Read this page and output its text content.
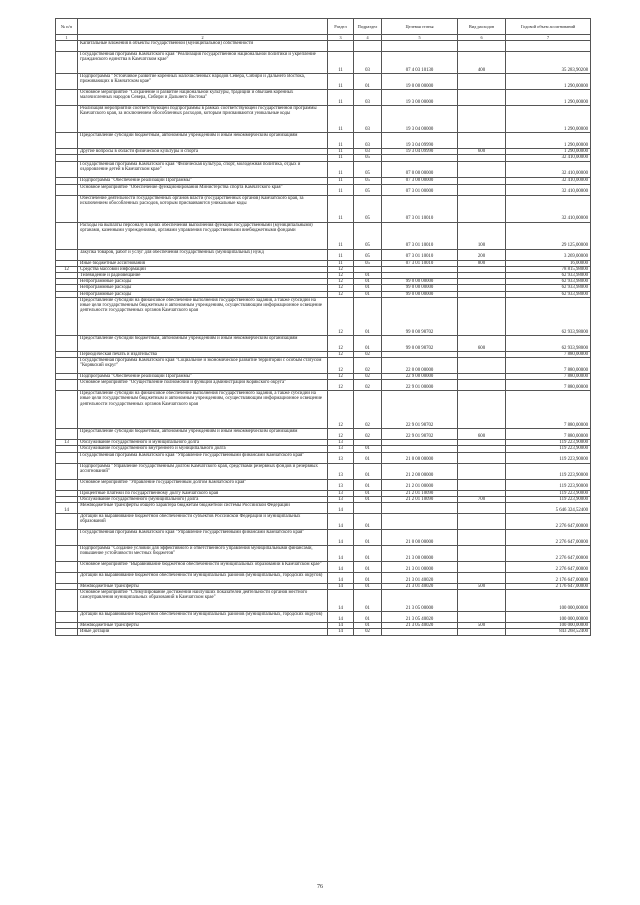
№ п/п		Раздел	Подраздел	Целевая статья	Вид расходов	Годовой объем ассигнований
1	2	3	4	5	6	7
	Капитальные вложения в объекты государственной (муниципальной) собственности					
	Государственная программа Камчатского края "Реализация государственной национальной политики и укрепление гражданского единства в Камчатском крае"	11	03	07 4 03 10130	400	35 283,90208
	Подпрограмма "Устойчивое развитие коренных малочисленных народов Севера, Сибири и Дальнего Востока, проживающих в Камчатском крае"	11	01	19 0 00 00000		1 290,00000
	Основное мероприятие "Сохранение и развитие национальной культуры, традиций и обычаев коренных малочисленных народов Севера, Сибири и Дальнего Востока"	11	03	19 3 00 00000		1 290,00000
	Реализация мероприятий соответствующей подпрограммы в рамках соответствующей государственной программы Камчатского края, за исключением обособленных расходов, которым присваиваются уникальные коды	11	03	19 3 04 00000		1 290,00000
	Предоставление субсидий бюджетным, автономным учреждениям и иным некоммерческим организациям	11	03	19 3 04 09990		1 290,00000
	Другие вопросы в области физической культуры и спорта	11	03	19 3 04 09990	600	1 290,00000
		11	05			32 410,00000
	Государственная программа Камчатского края "Физическая культура, спорт, молодежная политика, отдых и оздоровление детей в Камчатском крае"	11	05	07 0 00 00000		32 410,00000
	Подпрограмма "Обеспечение реализации Программы"	11	05	07 3 00 00000		32 410,00000
	Основное мероприятие "Обеспечение функционирования Министерства спорта Камчатского края"	11	05	07 3 01 00000		32 410,00000
	Обеспечение деятельности государственных органов власти (государственных органов) Камчатского края, за исключением обособленных расходов, которым присваиваются уникальные коды	11	05	07 3 01 10010		32 410,00000
	Расходы на выплаты персоналу в целях обеспечения выполнения функций государственными (муниципальными) органами, казенными учреждениями, органами управления государственными внебюджетными фондами	11	05	07 3 01 10010	100	29 125,00000
	Закупка товаров, работ и услуг для обеспечения государственных (муниципальных) нужд	11	05	07 3 01 10010	200	3 269,00000
	Иные бюджетные ассигнования	11	05	07 3 01 10010	800	16,00000
12	Средства массовой информации	12				78 815,98000
	Телевидение и радиовещание	12	01			62 933,98000
	Непрограммные расходы	12	01	99 0 00 00000		62 933,98000
	Непрограммные расходы	12	01	99 0 00 00000		62 933,98000
	Непрограммные расходы	12	01	99 0 00 00000		62 933,98000
	Предоставление субсидий на финансовое обеспечение выполнения государственного задания, а также субсидий на иные цели государственным бюджетным и автономным учреждениям, осуществляющим информационное освещение деятельности государственных органов Камчатского края	12	01	99 0 00 98702		62 933,98000
	Предоставление субсидий бюджетным, автономным учреждениям и иным некоммерческим организациям	12	01	99 0 00 98702	600	62 933,98000
	Периодическая печать и издательства	12	02			7 880,00000
	Государственная программа Камчатского края "Социальное и экономическое развитие территории с особым статусом "Корякский округ"	12	02	22 0 00 00000		7 880,00000
	Подпрограмма "Обеспечение реализации Программы"	12	02	22 9 00 00000		7 880,00000
	Основное мероприятие "Осуществление полномочий и функций администрации Корякского округа"	12	02	22 9 01 00000		7 880,00000
	Предоставление субсидий на финансовое обеспечение выполнения государственного задания, а также субсидий на иные цели государственным бюджетным и автономным учреждениям, осуществляющим информационное освещение деятельности государственных органов Камчатского края	12	02	22 9 01 98702		7 880,00000
	Предоставление субсидий бюджетным, автономным учреждениям и иным некоммерческим организациям	12	02	22 9 01 98702	600	7 880,00000
13	Обслуживание государственного и муниципального долга	13				119 223,90000
	Обслуживание государственного внутреннего и муниципального долга	13	01			119 223,90000
	Государственная программа Камчатского края "Управление государственными финансами Камчатского края"	13	01	21 0 00 00000		119 223,90000
	Подпрограмма "Управление государственным долгом Камчатского края, средствами резервных фондов и резервных ассигнований"	13	01	21 2 00 00000		119 223,90000
	Основное мероприятие "Управление государственным долгом Камчатского края"	13	01	21 2 01 00000		119 223,90000
	Процентные платежи по государственному долгу Камчатского края	13	01	21 2 01 10090		119 223,90000
	Обслуживание государственного (муниципального) долга	13	01	21 2 01 10090	700	119 223,90000
14	Межбюджетные трансферты общего характера бюджетам бюджетной системы Российской Федерации	14				5 646 324,52400
	Дотации на выравнивание бюджетной обеспеченности субъектов Российской Федерации и муниципальных образований	14	01			2 276 647,00000
	Государственная программа Камчатского края "Управление государственными финансами Камчатского края"	14	01	21 0 00 00000		2 276 647,00000
	Подпрограмма "Создание условий для эффективного и ответственного управления муниципальными финансами, повышение устойчивости местных бюджетов"	14	01	21 3 00 00000		2 276 647,00000
	Основное мероприятие "Выравнивание бюджетной обеспеченности муниципальных образований в Камчатском крае"	14	01	21 3 01 00000		2 276 647,00000
	Дотации на выравнивание бюджетной обеспеченности муниципальных районов (муниципальных, городских округов)	14	01	21 3 01 40020		2 176 647,00000
	Межбюджетные трансферты	14	01	21 3 01 40020	500	2 176 647,00000
	Основное мероприятие "Стимулирование достижений наилучших показателей деятельности органов местного самоуправления муниципальных образований в Камчатском крае"	14	01	21 3 05 00000		100 000,00000
	Дотации на выравнивание бюджетной обеспеченности муниципальных районов (муниципальных, городских округов)	14	01	21 3 05 40020		100 000,00000
	Межбюджетные трансферты	14	01	21 3 05 40020	500	100 000,00000
	Иные дотации	14	02			843 268,52400
76
